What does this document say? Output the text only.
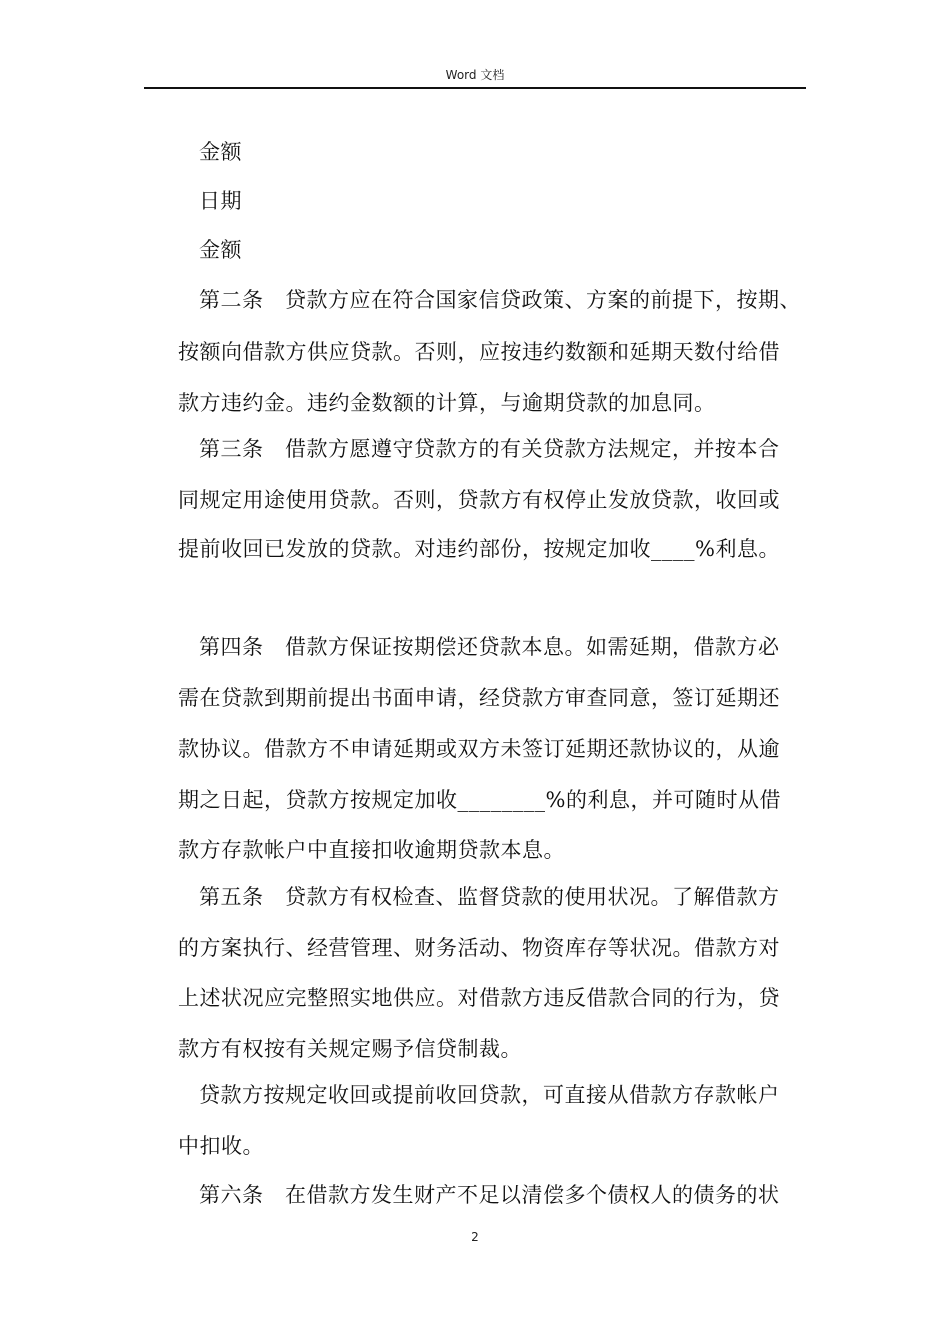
Word 文档
金额
日期
金额
第二条　贷款方应在符合国家信贷政策、方案的前提下，按期、
按额向借款方供应贷款。否则，应按违约数额和延期天数付给借
款方违约金。违约金数额的计算，与逾期贷款的加息同。
第三条　借款方愿遵守贷款方的有关贷款方法规定，并按本合
同规定用途使用贷款。否则，贷款方有权停止发放贷款，收回或
提前收回已发放的贷款。对违约部份，按规定加收____%利息。
第四条　借款方保证按期偿还贷款本息。如需延期，借款方必
需在贷款到期前提出书面申请，经贷款方审查同意，签订延期还
款协议。借款方不申请延期或双方未签订延期还款协议的，从逾
期之日起，贷款方按规定加收________%的利息，并可随时从借
款方存款帐户中直接扣收逾期贷款本息。
第五条　贷款方有权检查、监督贷款的使用状况。了解借款方
的方案执行、经营管理、财务活动、物资库存等状况。借款方对
上述状况应完整照实地供应。对借款方违反借款合同的行为，贷
款方有权按有关规定赐予信贷制裁。
贷款方按规定收回或提前收回贷款，可直接从借款方存款帐户
中扣收。
第六条　在借款方发生财产不足以清偿多个债权人的债务的状
2
